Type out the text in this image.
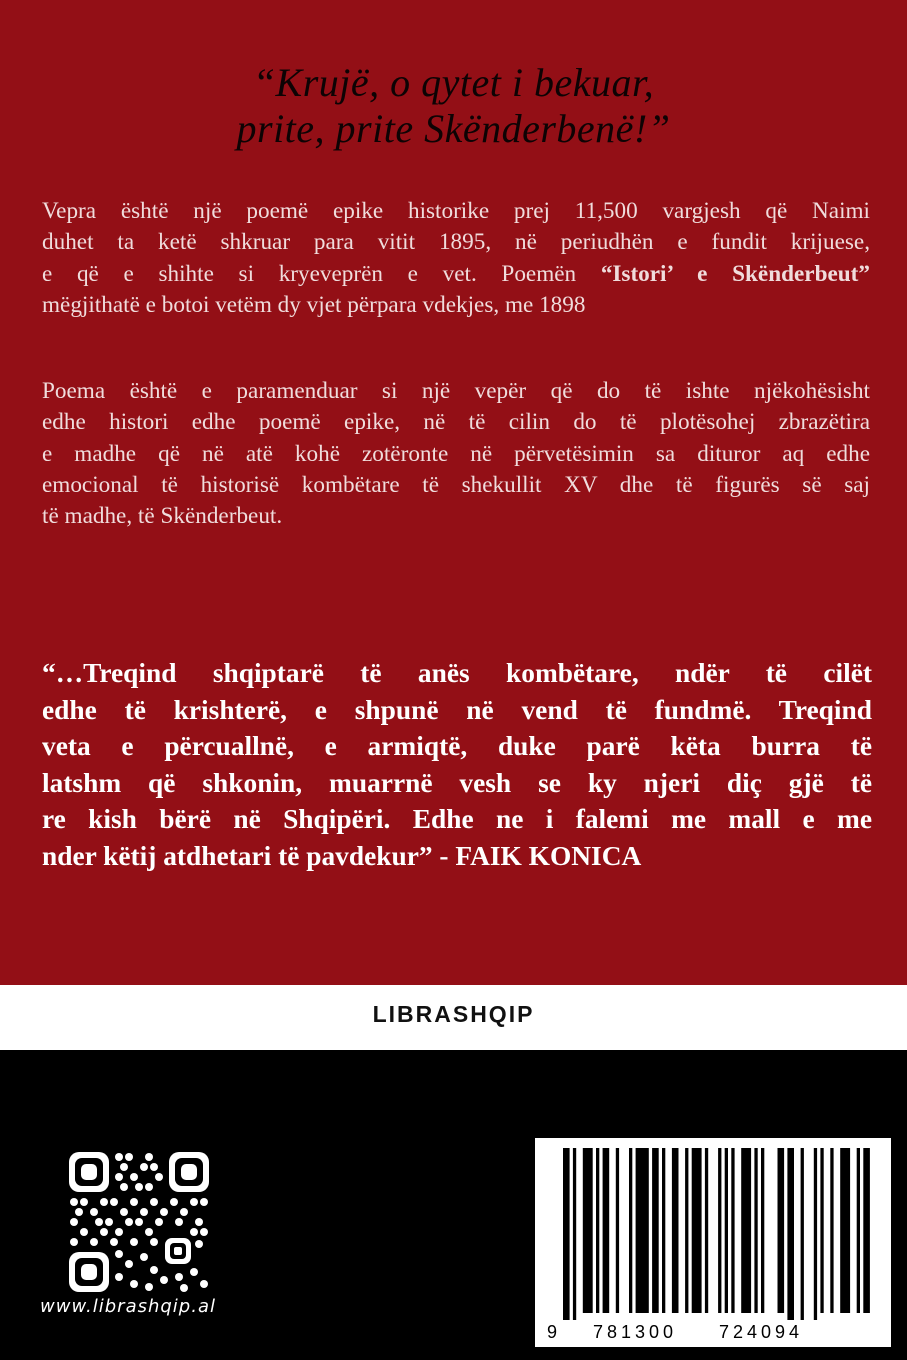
“Krujë, o qytet i bekuar,
prite, prite Skënderbenë!”
Vepra është një poemë epike historike prej 11,500 vargjesh që Naimi
duhet ta ketë shkruar para vitit 1895, në periudhën e fundit krijuese,
e që e shihte si kryeveprën e vet. Poemën “Istori’ e Skënderbeut”
mëgjithatë e botoi vetëm dy vjet përpara vdekjes, me 1898
Poema është e paramenduar si një vepër që do të ishte njëkohësisht
edhe histori edhe poemë epike, në të cilin do të plotësohej zbrazëtira
e madhe që në atë kohë zotëronte në përvetësimin sa dituror aq edhe
emocional të historisë kombëtare të shekullit XV dhe të figurës së saj
të madhe, të Skënderbeut.
“…Treqind shqiptarë të anës kombëtare, ndër të cilët
edhe të krishterë, e shpunë në vend të fundmë. Treqind
veta e përcuallnë, e armiqtë, duke parë këta burra të
latshm që shkonin, muarrnë vesh se ky njeri diç gjë të
re kish bërë në Shqipëri. Edhe ne i falemi me mall e me
nder këtij atdhetari të pavdekur” - FAIK KONICA
LIBRASHQIP
www.librashqip.al
9 781300 724094
